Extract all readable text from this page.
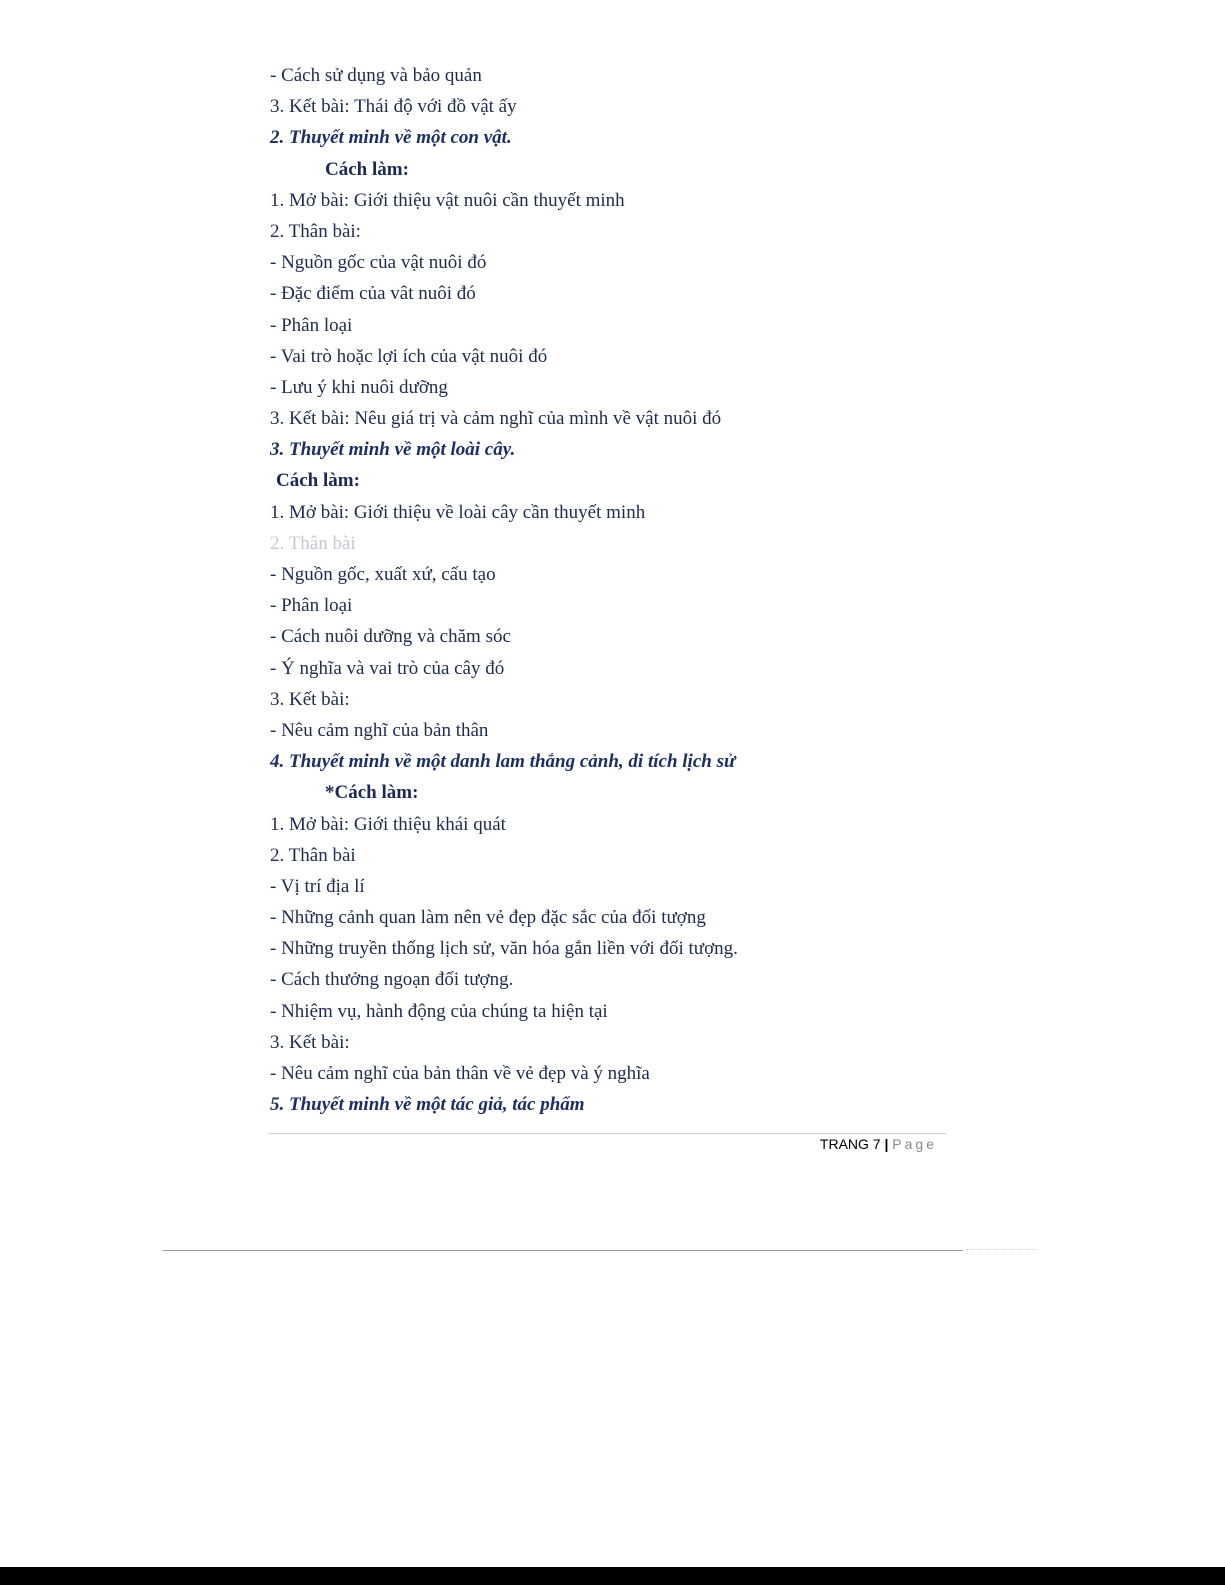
- Cách sử dụng và bảo quản
3. Kết bài: Thái độ với đồ vật ấy
2. Thuyết minh về một con vật.
Cách làm:
1. Mở bài: Giới thiệu vật nuôi cần thuyết minh
2. Thân bài:
- Nguồn gốc của vật nuôi đó
- Đặc điểm của vât nuôi đó
- Phân loại
- Vai trò hoặc lợi ích của vật nuôi đó
- Lưu ý khi nuôi dưỡng
3. Kết bài: Nêu giá trị và cảm nghĩ của mình về vật nuôi đó
3. Thuyết minh về một loài cây.
Cách làm:
1. Mở bài: Giới thiệu về loài cây cần thuyết minh
2. Thân bài
- Nguồn gốc, xuất xứ, cấu tạo
- Phân loại
- Cách nuôi dưỡng và chăm sóc
- Ý nghĩa và vai trò của cây đó
3. Kết bài:
- Nêu cảm nghĩ của bản thân
4. Thuyết minh về một danh lam thắng cảnh, di tích lịch sử
*Cách làm:
1. Mở bài: Giới thiệu khái quát
2. Thân bài
- Vị trí địa lí
- Những cảnh quan làm nên vẻ đẹp đặc sắc của đối tượng
- Những truyền thống lịch sử, văn hóa gắn liền với đối tượng.
- Cách thưởng ngoạn đối tượng.
- Nhiệm vụ, hành động của chúng ta hiện tại
3. Kết bài:
- Nêu cảm nghĩ của bản thân về vẻ đẹp và ý nghĩa
5. Thuyết minh về một tác giả, tác phẩm
TRANG 7 | Page
